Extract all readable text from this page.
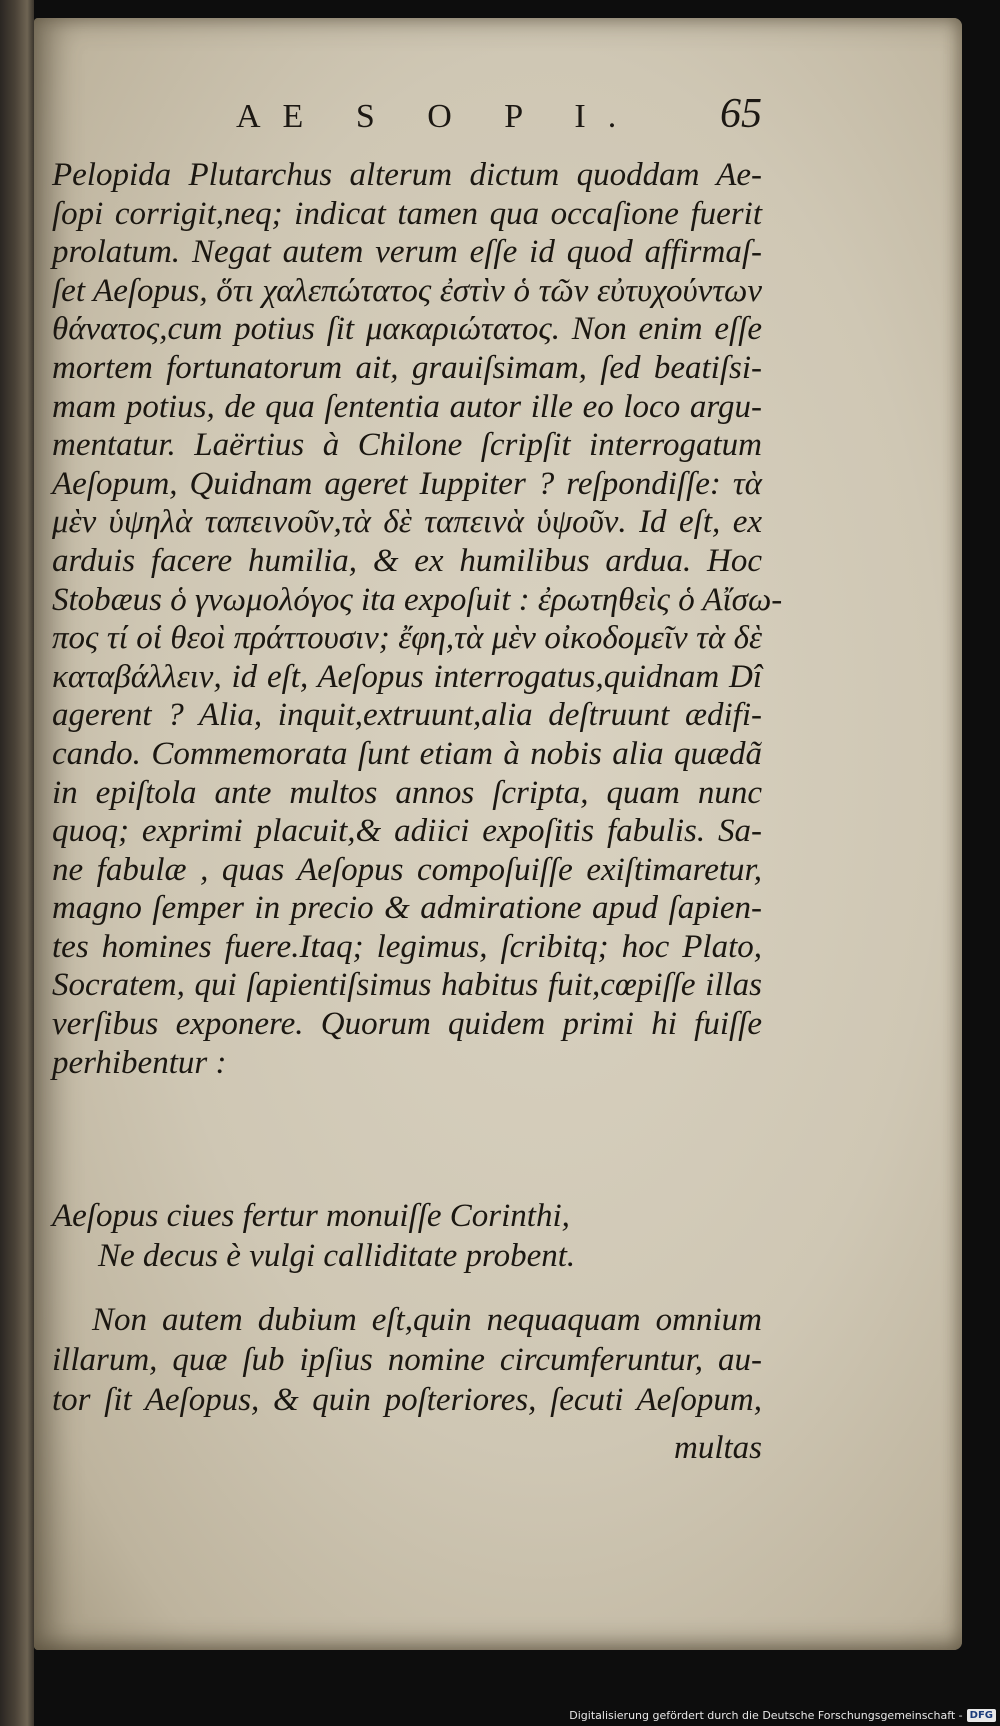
AE S O P I. 65
Pelopida Plutarchus alterum dictum quoddam Ae-
ſopi corrigit,neq; indicat tamen qua occaſione fuerit
prolatum. Negat autem verum eſſe id quod affirmaſ-
ſet Aeſopus, ὅτι χαλεπώτατος ἐστὶν ὁ τῶν εὐτυχούντων
θάνατος,cum potius ſit μακαριώτατος. Non enim eſſe
mortem fortunatorum ait, grauiſsimam, ſed beatiſsi-
mam potius, de qua ſententia autor ille eo loco argu-
mentatur. Laërtius à Chilone ſcripſit interrogatum
Aeſopum, Quidnam ageret Iuppiter ? reſpondiſſe: τὰ
μὲν ὑψηλὰ ταπεινοῦν,τὰ δὲ ταπεινὰ ὑψοῦν. Id eſt, ex
arduis facere humilia, & ex humilibus ardua. Hoc
Stobæus ὁ γνωμολόγος ita expoſuit : ἐρωτηθεὶς ὁ Αἴσω-
πος τί οἱ θεοὶ πράττουσιν; ἔφη,τὰ μὲν οἰκοδομεῖν τὰ δὲ
καταβάλλειν, id eſt, Aeſopus interrogatus,quidnam Dî
agerent ? Alia, inquit,extruunt,alia deſtruunt ædifi-
cando. Commemorata ſunt etiam à nobis alia quædã
in epiſtola ante multos annos ſcripta, quam nunc
quoq; exprimi placuit,& adiici expoſitis fabulis. Sa-
ne fabulæ , quas Aeſopus compoſuiſſe exiſtimaretur,
magno ſemper in precio & admiratione apud ſapien-
tes homines fuere.Itaq; legimus, ſcribitq; hoc Plato,
Socratem, qui ſapientiſsimus habitus fuit,cœpiſſe illas
verſibus exponere. Quorum quidem primi hi fuiſſe
perhibentur :
Aeſopus ciues fertur monuiſſe Corinthi,
Ne decus è vulgi calliditate probent.
Non autem dubium eſt,quin nequaquam omnium
illarum, quæ ſub ipſius nomine circumferuntur, au-
tor ſit Aeſopus, & quin poſteriores, ſecuti Aeſopum,
multas
Digitalisierung gefördert durch die Deutsche Forschungsgemeinschaft - DFG
